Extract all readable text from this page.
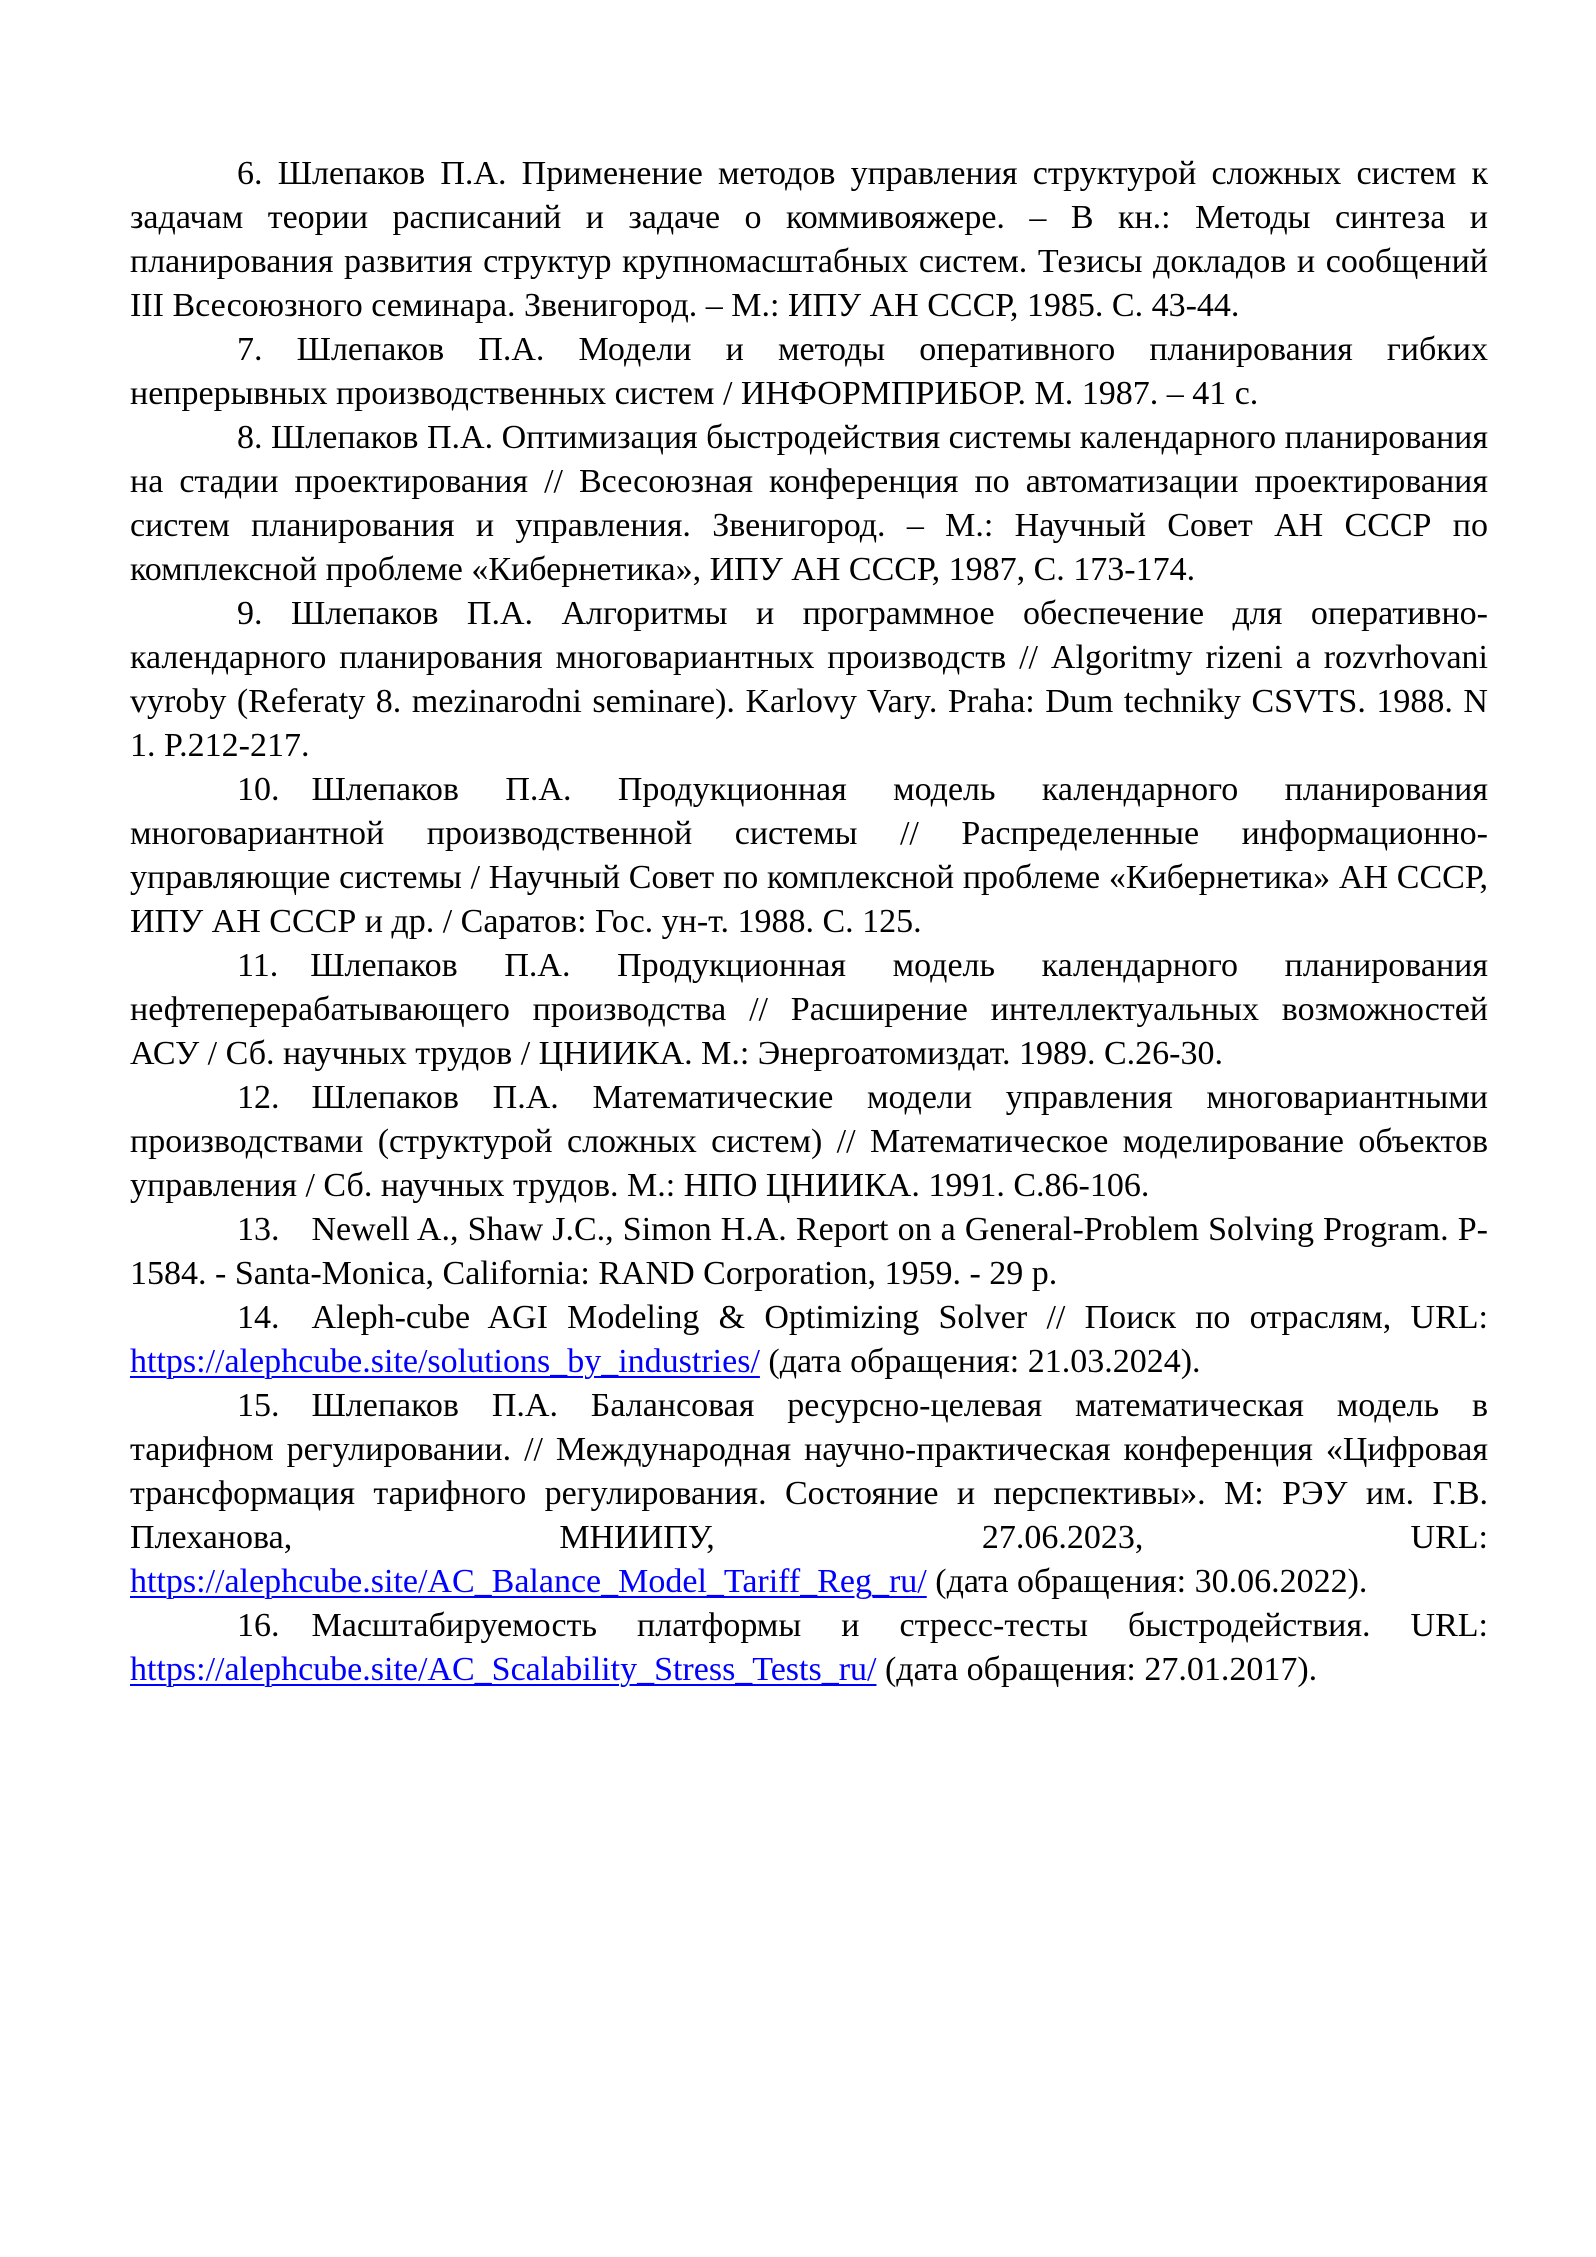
6. Шлепаков П.А. Применение методов управления структурой сложных систем к задачам теории расписаний и задаче о коммивояжере. – В кн.: Методы синтеза и планирования развития структур крупномасштабных систем. Тезисы докладов и сообщений III Всесоюзного семинара. Звенигород. – М.: ИПУ АН СССР, 1985. С. 43-44.

7. Шлепаков П.А. Модели и методы оперативного планирования гибких непрерывных производственных систем / ИНФОРМПРИБОР. М. 1987. – 41 с.

8. Шлепаков П.А. Оптимизация быстродействия системы календарного планирования на стадии проектирования // Всесоюзная конференция по автоматизации проектирования систем планирования и управления. Звенигород. – М.: Научный Совет АН СССР по комплексной проблеме «Кибернетика», ИПУ АН СССР, 1987, С. 173-174.

9. Шлепаков П.А. Алгоритмы и программное обеспечение для оперативно-календарного планирования многовариантных производств // Algoritmy rizeni a rozvrhovani vyroby (Referaty 8. mezinarodni seminare). Karlovy Vary. Praha: Dum techniky CSVTS. 1988. N 1. P.212-217.

10. Шлепаков П.А. Продукционная модель календарного планирования многовариантной производственной системы // Распределенные информационно-управляющие системы / Научный Совет по комплексной проблеме «Кибернетика» АН СССР, ИПУ АН СССР и др. / Саратов: Гос. ун-т. 1988. С. 125.

11. Шлепаков П.А. Продукционная модель календарного планирования нефтеперерабатывающего производства // Расширение интеллектуальных возможностей АСУ / Сб. научных трудов / ЦНИИКА. М.: Энергоатомиздат. 1989. С.26-30.

12. Шлепаков П.А. Математические модели управления многовариантными производствами (структурой сложных систем) // Математическое моделирование объектов управления / Сб. научных трудов. М.: НПО ЦНИИКА. 1991. С.86-106.

13. Newell A., Shaw J.C., Simon H.A. Report on a General-Problem Solving Program. P-1584. - Santa-Monica, California: RAND Corporation, 1959. - 29 p.

14. Aleph-cube AGI Modeling & Optimizing Solver // Поиск по отраслям, URL: https://alephcube.site/solutions_by_industries/ (дата обращения: 21.03.2024).

15. Шлепаков П.А. Балансовая ресурсно-целевая математическая модель в тарифном регулировании. // Международная научно-практическая конференция «Цифровая трансформация тарифного регулирования. Состояние и перспективы». М: РЭУ им. Г.В. Плеханова, МНИИПУ, 27.06.2023, URL: https://alephcube.site/AC_Balance_Model_Tariff_Reg_ru/ (дата обращения: 30.06.2022).

16. Масштабируемость платформы и стресс-тесты быстродействия. URL: https://alephcube.site/AC_Scalability_Stress_Tests_ru/ (дата обращения: 27.01.2017).
